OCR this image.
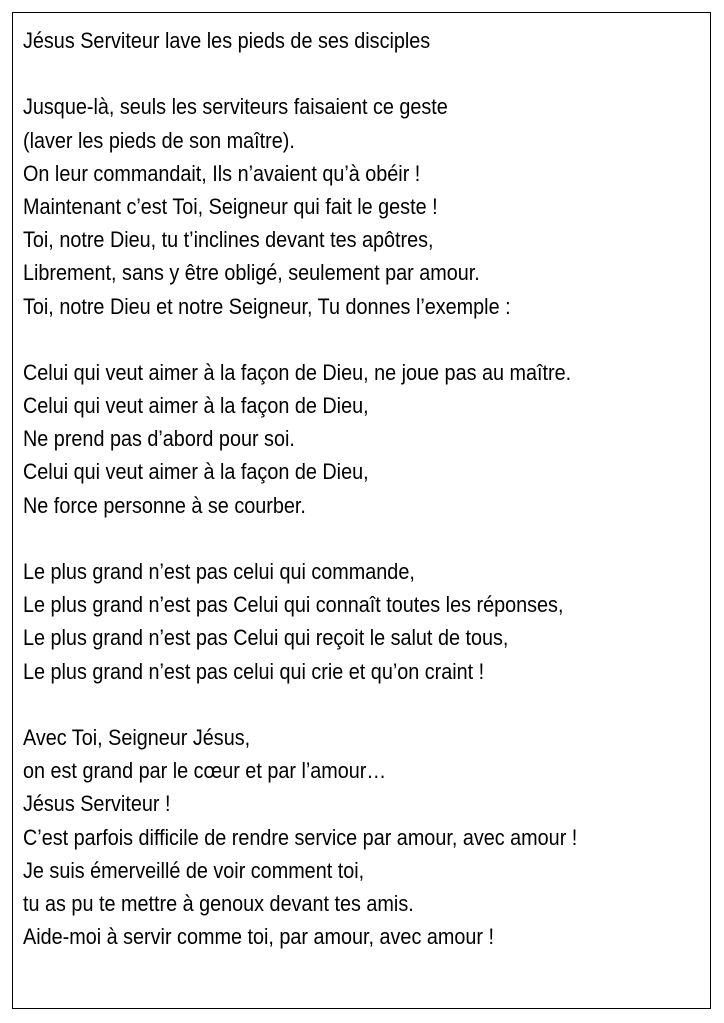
Jésus Serviteur lave les pieds de ses disciples
Jusque-là, seuls les serviteurs faisaient ce geste
(laver les pieds de son maître).
On leur commandait, Ils n’avaient qu’à obéir !
Maintenant c’est Toi, Seigneur qui fait le geste !
Toi, notre Dieu, tu t’inclines devant tes apôtres,
Librement, sans y être obligé, seulement par amour.
Toi, notre Dieu et notre Seigneur, Tu donnes l’exemple :
Celui qui veut aimer à la façon de Dieu, ne joue pas au maître.
Celui qui veut aimer à la façon de Dieu,
Ne prend pas d’abord pour soi.
Celui qui veut aimer à la façon de Dieu,
Ne force personne à se courber.
Le plus grand n’est pas celui qui commande,
Le plus grand n’est pas Celui qui connaît toutes les réponses,
Le plus grand n’est pas Celui qui reçoit le salut de tous,
Le plus grand n’est pas celui qui crie et qu’on craint !
Avec Toi, Seigneur Jésus,
on est grand par le cœur et par l’amour…
Jésus Serviteur !
C’est parfois difficile de rendre service par amour, avec amour !
Je suis émerveillé de voir comment toi,
tu as pu te mettre à genoux devant tes amis.
Aide-moi à servir comme toi, par amour, avec amour !
